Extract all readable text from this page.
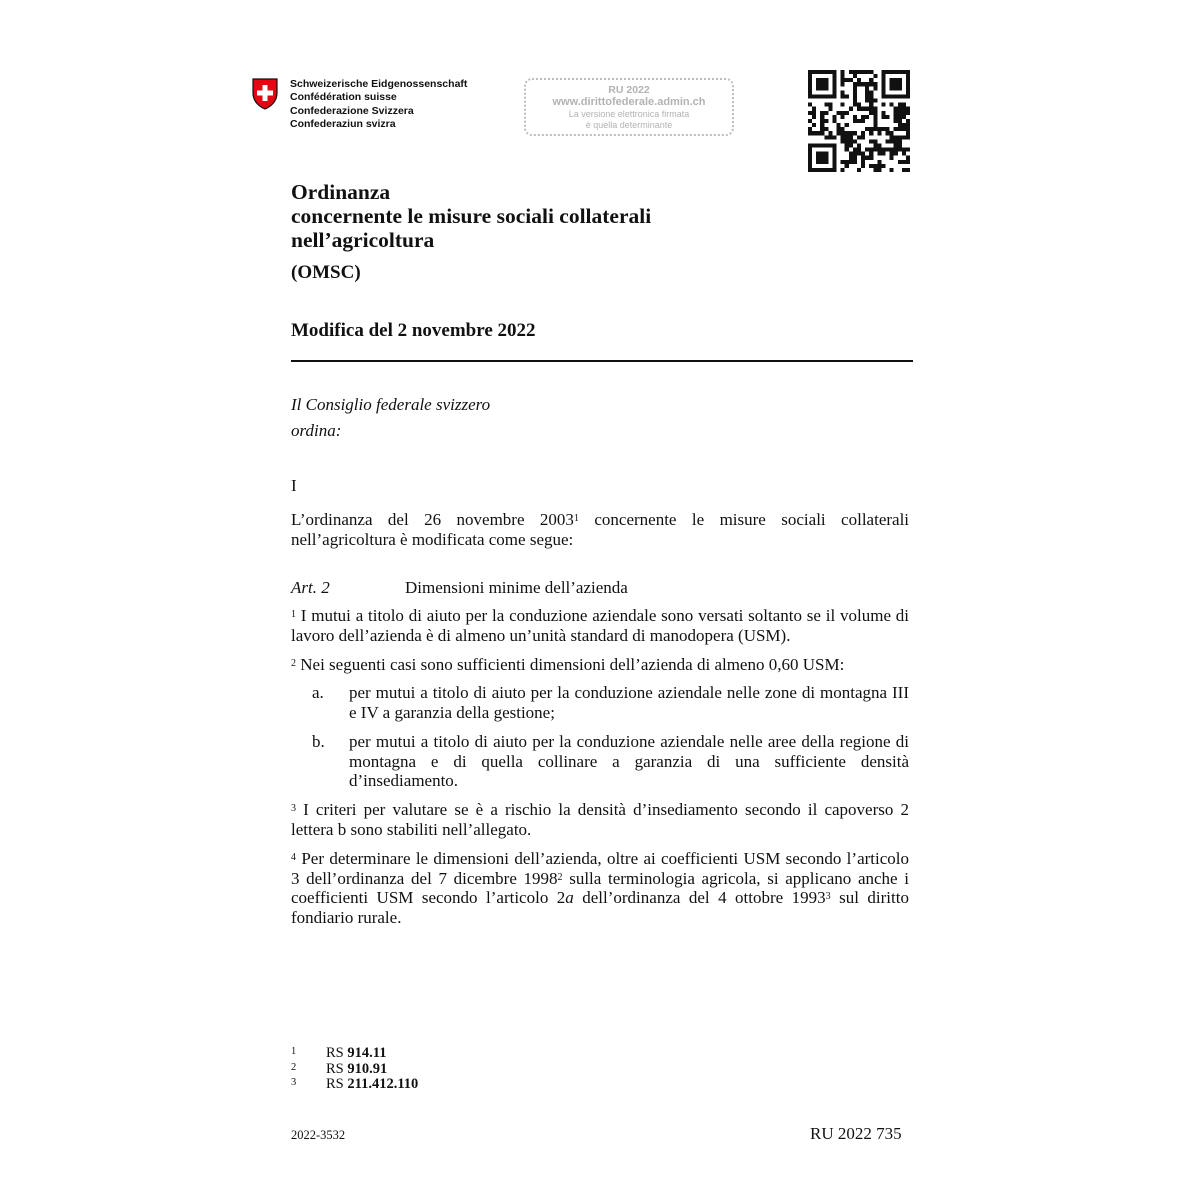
Schweizerische Eidgenossenschaft
Confédération suisse
Confederazione Svizzera
Confederaziun svizra
RU 2022
www.dirittofederale.admin.ch
La versione elettronica firmata
è quella determinante
Ordinanza
concernente le misure sociali collaterali
nell’agricoltura
(OMSC)
Modifica del 2 novembre 2022
Il Consiglio federale svizzero
ordina:
I
L’ordinanza del 26 novembre 2003$^1$ concernente le misure sociali collaterali nell’agricoltura è modificata come segue:
Art. 2	Dimensioni minime dell’azienda
$^1$ I mutui a titolo di aiuto per la conduzione aziendale sono versati soltanto se il volume di lavoro dell’azienda è di almeno un’unità standard di manodopera (USM).
$^2$ Nei seguenti casi sono sufficienti dimensioni dell’azienda di almeno 0,60 USM:
a. per mutui a titolo di aiuto per la conduzione aziendale nelle zone di montagna III e IV a garanzia della gestione;
b. per mutui a titolo di aiuto per la conduzione aziendale nelle aree della regione di montagna e di quella collinare a garanzia di una sufficiente densità d’insediamento.
$^3$ I criteri per valutare se è a rischio la densità d’insediamento secondo il capoverso 2 lettera b sono stabiliti nell’allegato.
$^4$ Per determinare le dimensioni dell’azienda, oltre ai coefficienti USM secondo l’articolo 3 dell’ordinanza del 7 dicembre 1998$^2$ sulla terminologia agricola, si applicano anche i coefficienti USM secondo l’articolo 2a dell’ordinanza del 4 ottobre 1993$^3$ sul diritto fondiario rurale.
1 RS 914.11
2 RS 910.91
3 RS 211.412.110
2022-3532	RU 2022 735
